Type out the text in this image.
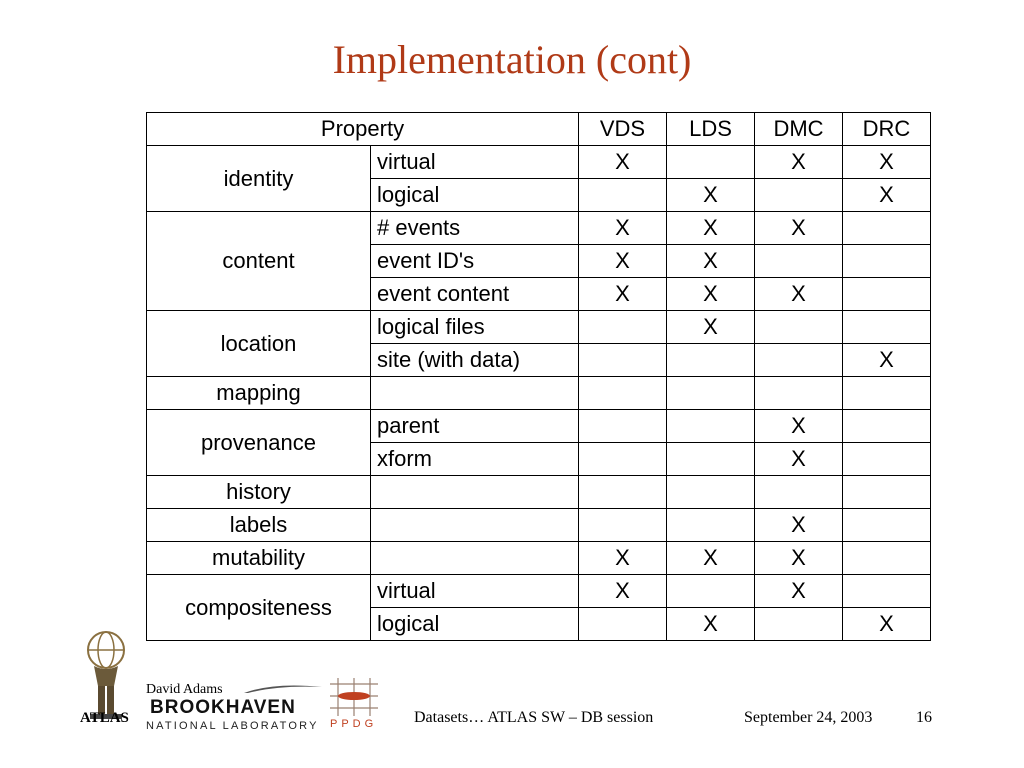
Implementation (cont)
Property		VDS	LDS	DMC	DRC
identity	virtual	X		X	X
	logical		X		X
content	# events	X	X	X	
	event ID's	X	X		
	event content	X	X	X	
location	logical files		X		
	site (with data)				X
mapping					
provenance	parent			X	
	xform			X	
history					
labels				X	
mutability		X	X	X	
compositeness	virtual	X		X	
	logical		X		X
ATLAS
David Adams
BROOKHAVEN
NATIONAL LABORATORY PPDG Datasets… ATLAS SW – DB session	September 24, 2003	16
